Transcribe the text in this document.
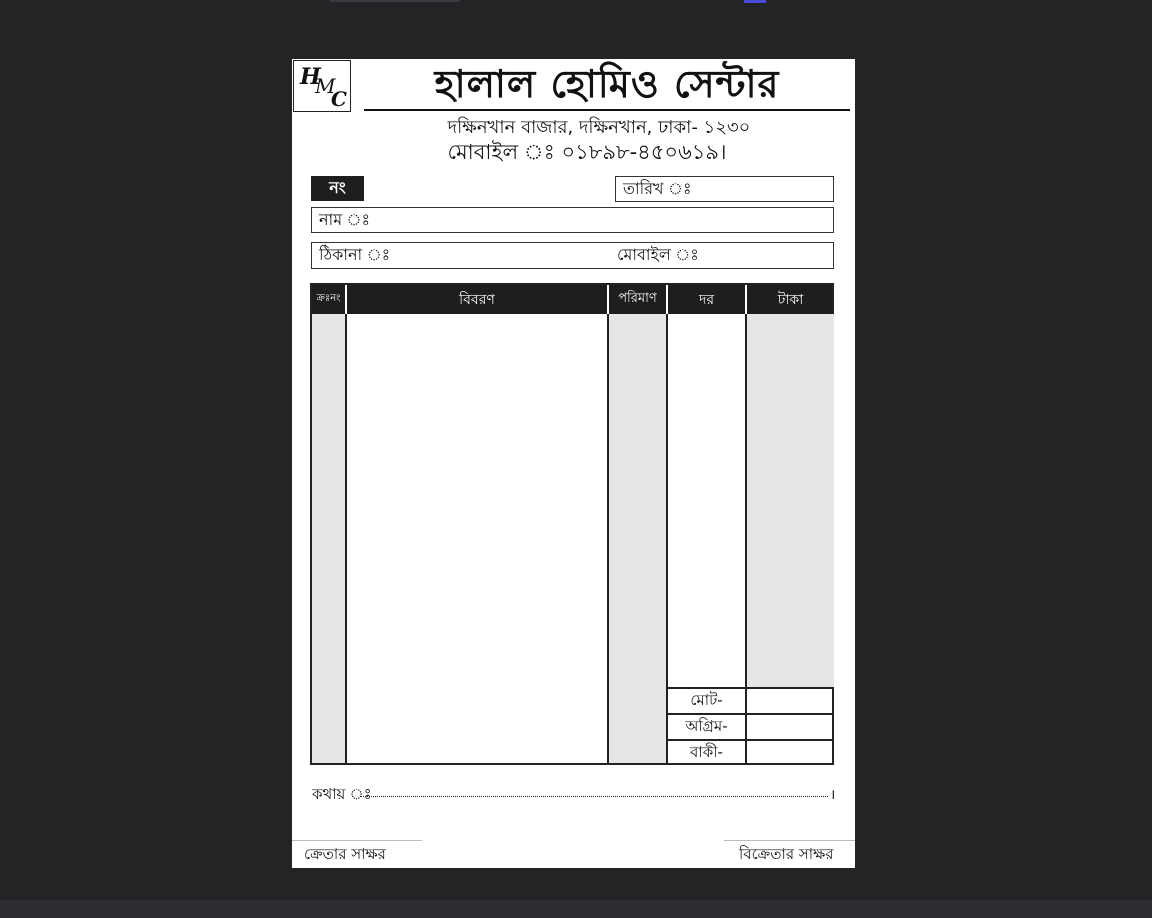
H
M
C	হালাল হোমিও সেন্টার
দক্ষিনখান বাজার, দক্ষিনখান, ঢাকা- ১২৩০
মোবাইল ঃ ০১৮৯৮-৪৫০৬১৯।
নং	তারিখ ঃ
নাম ঃ
ঠিকানা ঃ	মোবাইল ঃ
ক্রঃনং	বিবরণ	পরিমাণ	দর	টাকা
মোট-
অগ্রিম-
বাকী-
কথায় ঃ	।
ক্রেতার সাক্ষর	বিক্রেতার সাক্ষর
